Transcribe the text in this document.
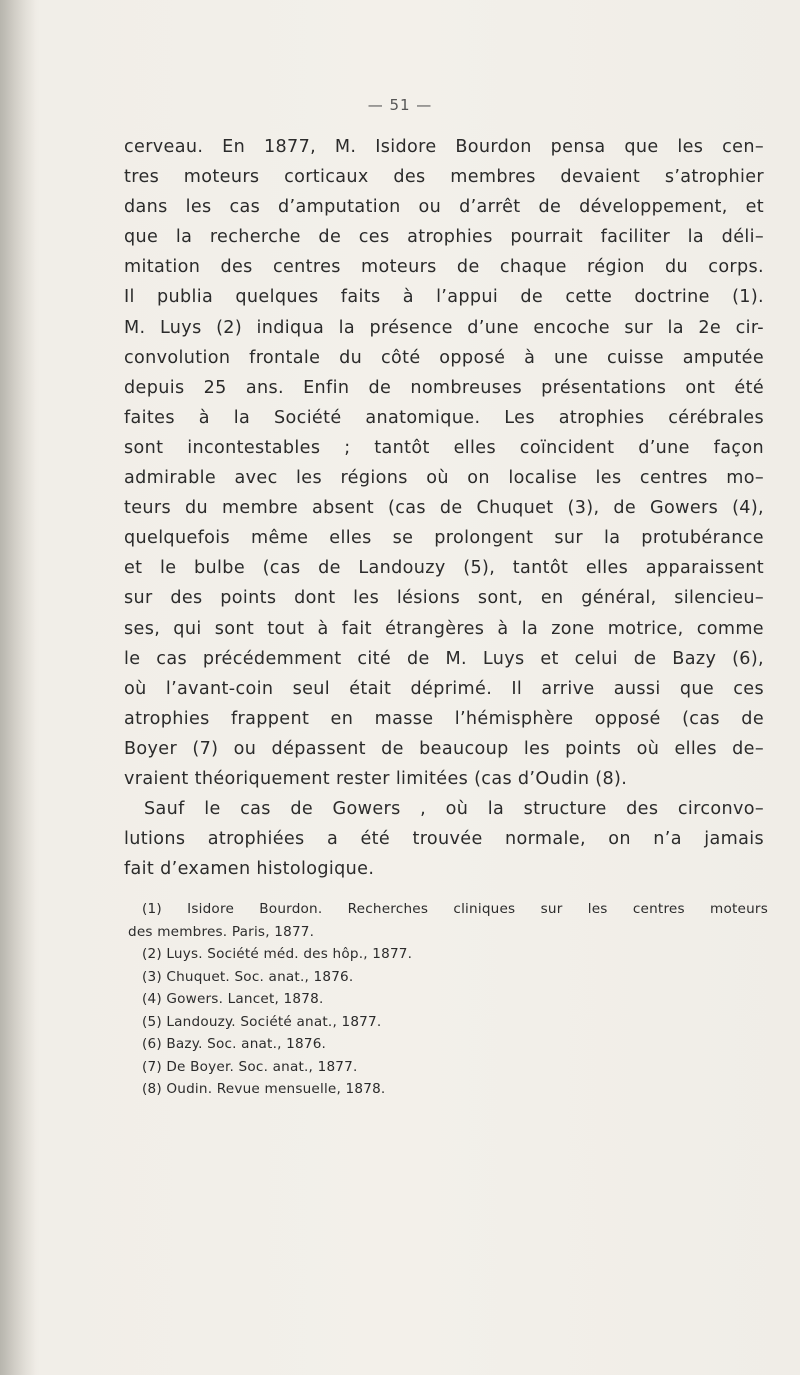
— 51 —
cerveau. En 1877, M. Isidore Bourdon pensa que les cen–
tres moteurs corticaux des membres devaient s’atrophier
dans les cas d’amputation ou d’arrêt de développement, et
que la recherche de ces atrophies pourrait faciliter la déli–
mitation des centres moteurs de chaque région du corps.
Il publia quelques faits à l’appui de cette doctrine (1).
M. Luys (2) indiqua la présence d’une encoche sur la 2e cir-
convolution frontale du côté opposé à une cuisse amputée
depuis 25 ans. Enfin de nombreuses présentations ont été
faites à la Société anatomique. Les atrophies cérébrales
sont incontestables ; tantôt elles coïncident d’une façon
admirable avec les régions où on localise les centres mo–
teurs du membre absent (cas de Chuquet (3), de Gowers (4),
quelquefois même elles se prolongent sur la protubérance
et le bulbe (cas de Landouzy (5), tantôt elles apparaissent
sur des points dont les lésions sont, en général, silencieu–
ses, qui sont tout à fait étrangères à la zone motrice, comme
le cas précédemment cité de M. Luys et celui de Bazy (6),
où l’avant-coin seul était déprimé. Il arrive aussi que ces
atrophies frappent en masse l’hémisphère opposé (cas de
Boyer (7) ou dépassent de beaucoup les points où elles de–
vraient théoriquement rester limitées (cas d’Oudin (8).
Sauf le cas de Gowers , où la structure des circonvo–
lutions atrophiées a été trouvée normale, on n’a jamais
fait d’examen histologique.
(1) Isidore Bourdon. Recherches cliniques sur les centres moteurs
des membres. Paris, 1877.
(2) Luys. Société méd. des hôp., 1877.
(3) Chuquet. Soc. anat., 1876.
(4) Gowers. Lancet, 1878.
(5) Landouzy. Société anat., 1877.
(6) Bazy. Soc. anat., 1876.
(7) De Boyer. Soc. anat., 1877.
(8) Oudin. Revue mensuelle, 1878.
